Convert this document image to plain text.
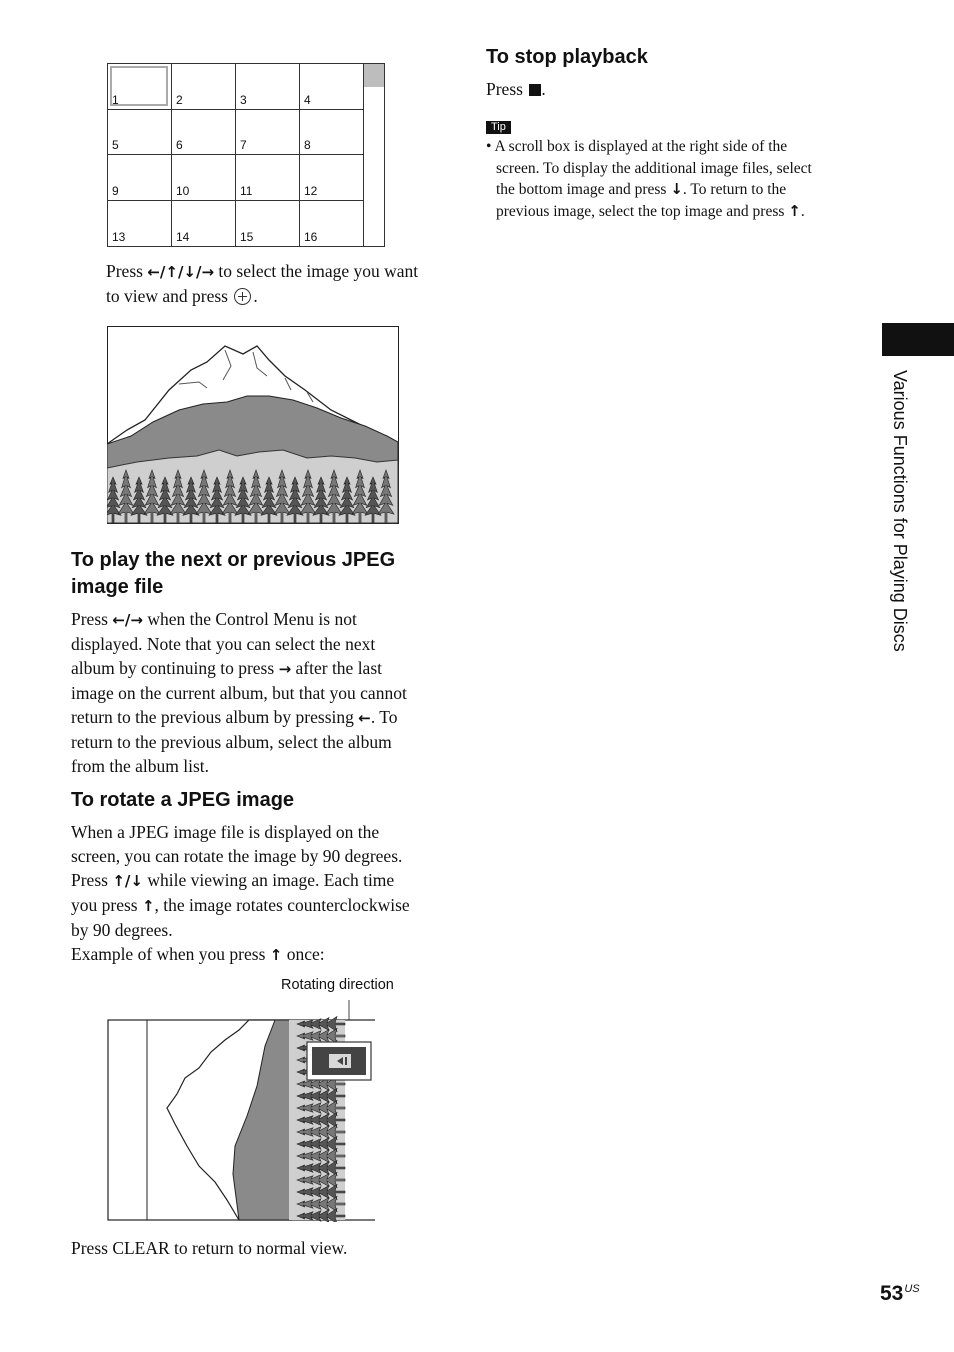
1	2	3	4
5	6	7	8
9	10	11	12
13	14	15	16
Press ←/↑/↓/→ to select the image you want
to view and press .
To play the next or previous JPEG
image file
Press ←/→ when the Control Menu is not
displayed. Note that you can select the next
album by continuing to press → after the last
image on the current album, but that you cannot
return to the previous album by pressing ←. To
return to the previous album, select the album
from the album list.
To rotate a JPEG image
When a JPEG image file is displayed on the
screen, you can rotate the image by 90 degrees.
Press ↑/↓ while viewing an image. Each time
you press ↑, the image rotates counterclockwise
by 90 degrees.
Example of when you press ↑ once:
Rotating direction
Press CLEAR to return to normal view.
To stop playback
Press .
Tip
• A scroll box is displayed at the right side of the
screen. To display the additional image files, select
the bottom image and press ↓. To return to the
previous image, select the top image and press ↑.
Various Functions for Playing Discs
$53^{US}$
